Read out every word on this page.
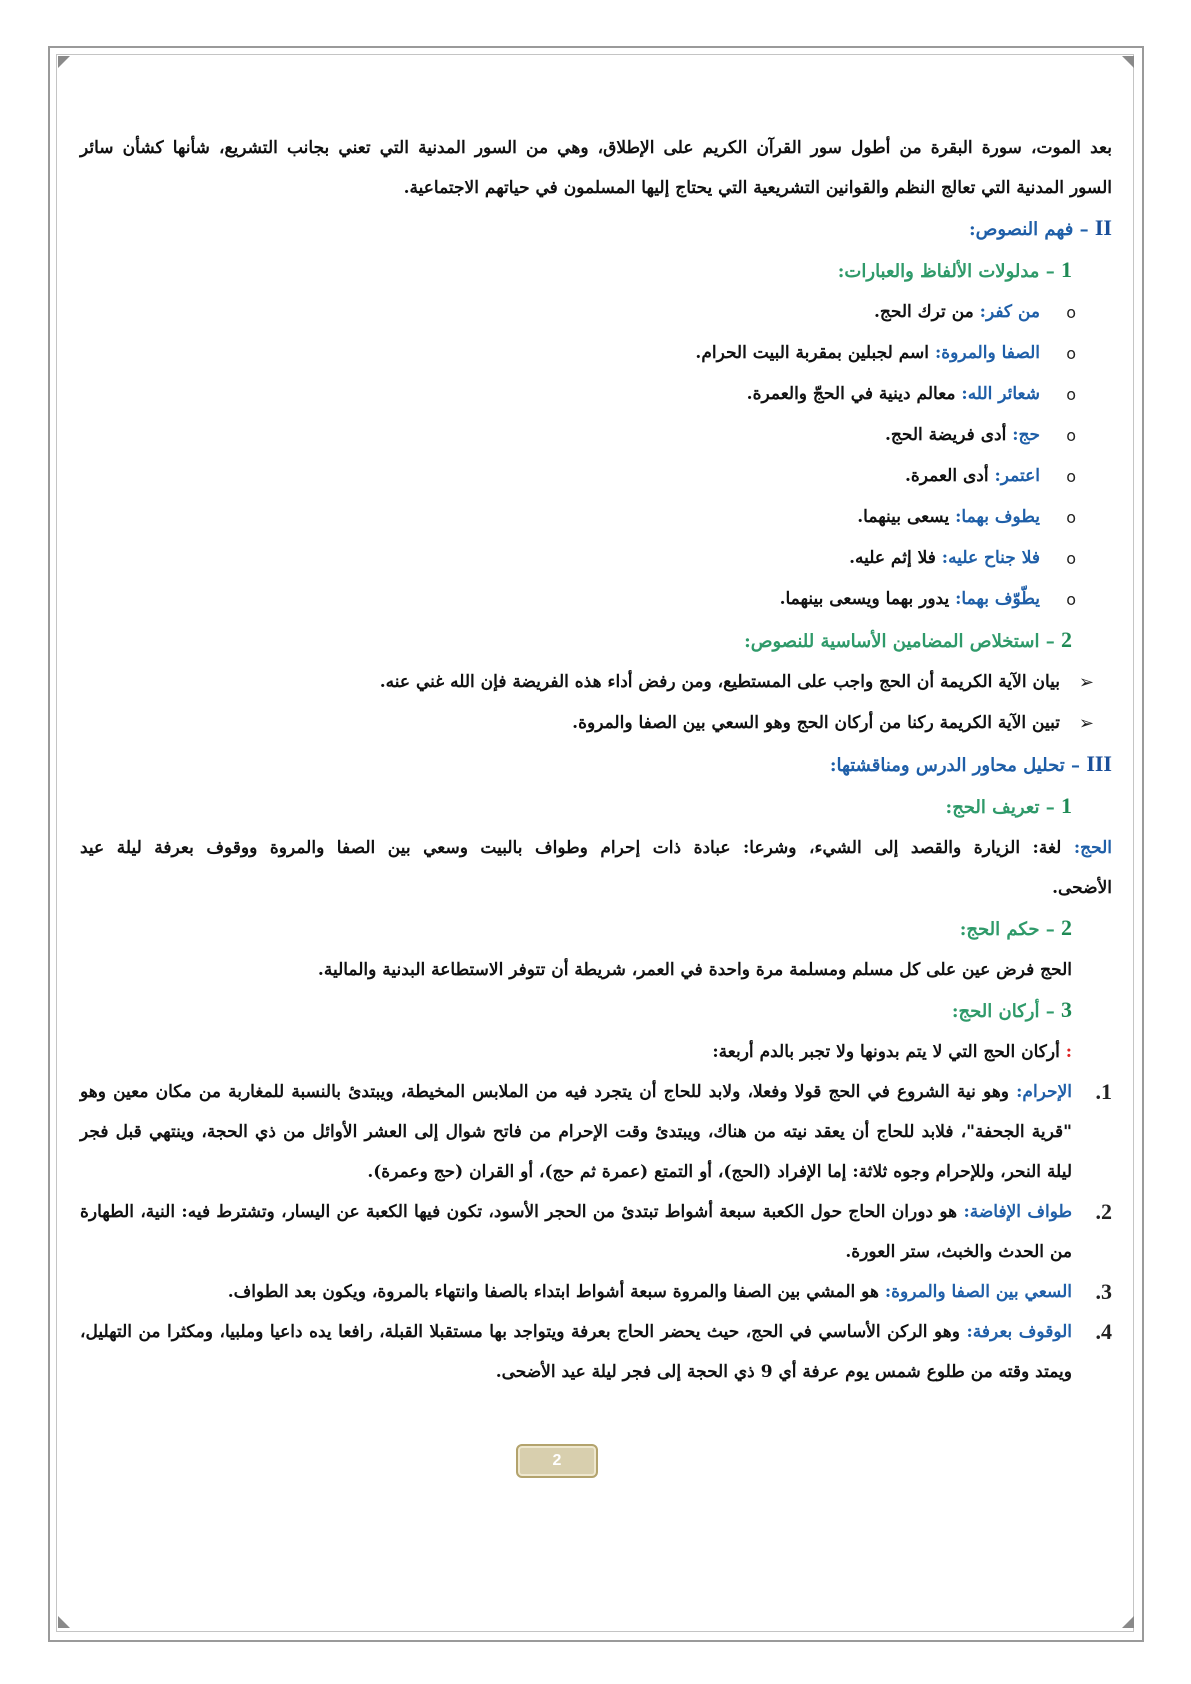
بعد الموت، سورة البقرة من أطول سور القرآن الكريم على الإطلاق، وهي من السور المدنية التي تعني بجانب التشريع، شأنها كشأن سائر
السور المدنية التي تعالج النظم والقوانين التشريعية التي يحتاج إليها المسلمون في حياتهم الاجتماعية.
II – فهم النصوص:
1 – مدلولات الألفاظ والعبارات:
o
من كفر: من ترك الحج.
o
الصفا والمروة: اسم لجبلين بمقربة البيت الحرام.
o
شعائر الله: معالم دينية في الحجّ والعمرة.
o
حج: أدى فريضة الحج.
o
اعتمر: أدى العمرة.
o
يطوف بهما: يسعى بينهما.
o
فلا جناح عليه: فلا إثم عليه.
o
يطّوّف بهما: يدور بهما ويسعى بينهما.
2 – استخلاص المضامين الأساسية للنصوص:
➢
بيان الآية الكريمة أن الحج واجب على المستطيع، ومن رفض أداء هذه الفريضة فإن الله غني عنه.
➢
تبين الآية الكريمة ركنا من أركان الحج وهو السعي بين الصفا والمروة.
III – تحليل محاور الدرس ومناقشتها:
1 – تعريف الحج:
الحج: لغة: الزيارة والقصد إلى الشيء، وشرعا: عبادة ذات إحرام وطواف بالبيت وسعي بين الصفا والمروة ووقوف بعرفة ليلة عيد
الأضحى.
2 – حكم الحج:
الحج فرض عين على كل مسلم ومسلمة مرة واحدة في العمر، شريطة أن تتوفر الاستطاعة البدنية والمالية.
3 – أركان الحج:
: أركان الحج التي لا يتم بدونها ولا تجبر بالدم أربعة:
1.
الإحرام: وهو نية الشروع في الحج قولا وفعلا، ولابد للحاج أن يتجرد فيه من الملابس المخيطة، ويبتدئ بالنسبة للمغاربة من مكان معين وهو "قرية الجحفة"، فلابد للحاج أن يعقد نيته من هناك، ويبتدئ وقت الإحرام من فاتح شوال إلى العشر الأوائل من ذي الحجة، وينتهي قبل فجر ليلة النحر، وللإحرام وجوه ثلاثة: إما الإفراد (الحج)، أو التمتع (عمرة ثم حج)، أو القران (حج وعمرة).
2.
طواف الإفاضة: هو دوران الحاج حول الكعبة سبعة أشواط تبتدئ من الحجر الأسود، تكون فيها الكعبة عن اليسار، وتشترط فيه: النية، الطهارة من الحدث والخبث، ستر العورة.
3.
السعي بين الصفا والمروة: هو المشي بين الصفا والمروة سبعة أشواط ابتداء بالصفا وانتهاء بالمروة، ويكون بعد الطواف.
4.
الوقوف بعرفة: وهو الركن الأساسي في الحج، حيث يحضر الحاج بعرفة ويتواجد بها مستقبلا القبلة، رافعا يده داعيا وملبيا، ومكثرا من التهليل، ويمتد وقته من طلوع شمس يوم عرفة أي 9 ذي الحجة إلى فجر ليلة عيد الأضحى.
2
